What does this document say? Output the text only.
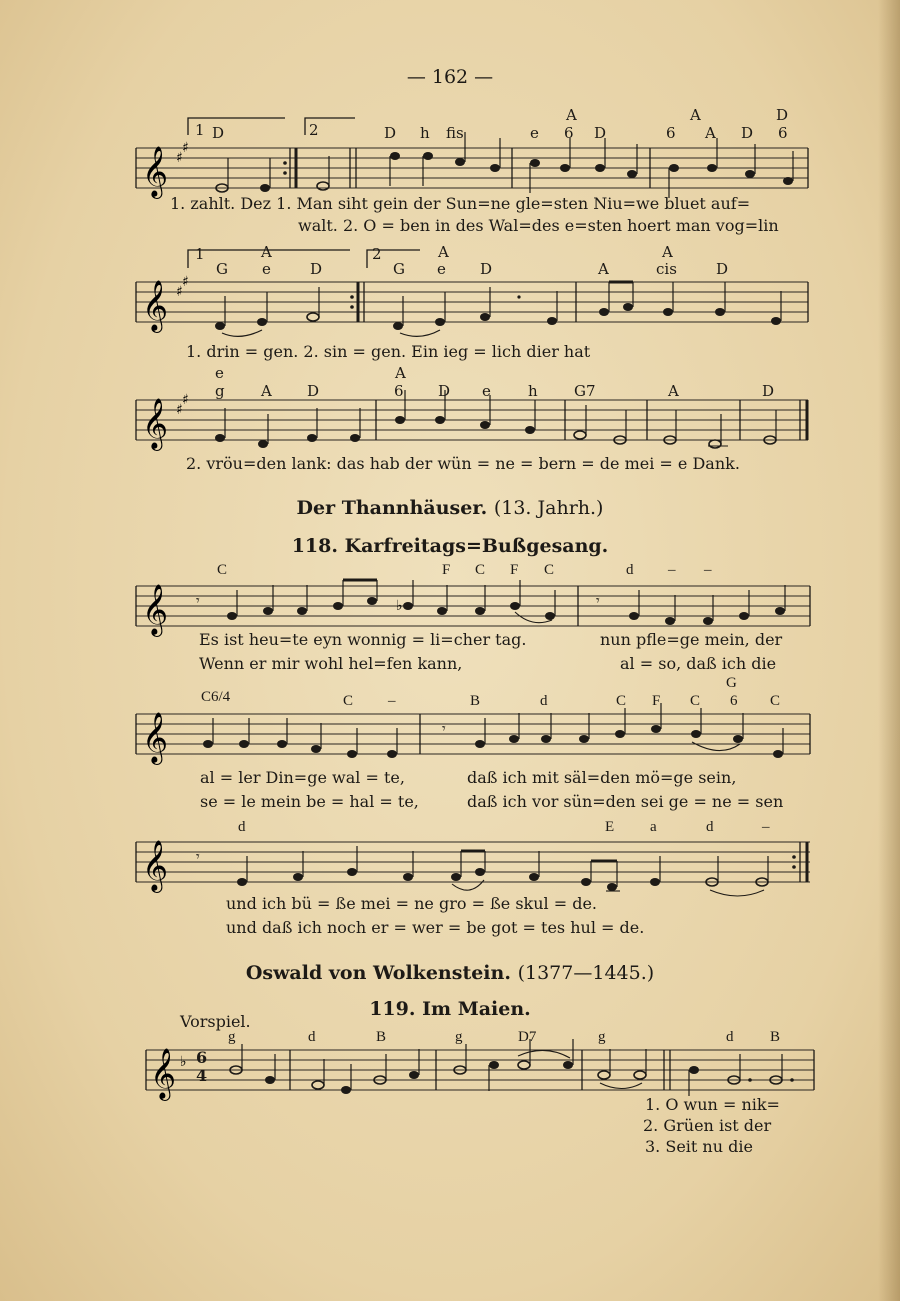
— 162 —
𝄞 ♯
♯
1	2
A	A	D
D	D h fis	e 6 D	6 A D 6
1. zahlt. Dez 1. Man siht gein der Sun=ne gle=sten Niu=we bluet auf=
walt. 2. O = ben in des Wal=des e=sten hoert man vog=lin
𝄞 ♯
♯
1	2
A	A	A
G e	D	G e D	A	cis	D
1. drin = gen. 2. sin = gen. Ein ieg = lich dier hat
𝄞 ♯
♯
e	A
g A D	6 D e h G7	A	D
2. vröu=den lank: das hab der wün = ne = bern = de mei = e Dank.
Der Thannhäuser. (13. Jahrh.)
118. Karfreitags=Bußgesang.
𝄞	♭
𝄾	𝄾
𝄞	𝄾
𝄞 𝄾
C	F C F C	d – –
Es ist heu=te eyn wonnig = li=cher tag.	nun pfle=ge mein, der
Wenn er mir wohl hel=fen kann,	al = so, daß ich die
C6/4	C –	B	d	C F C 6 C
G
al = ler Din=ge wal = te,	daß ich mit säl=den mö=ge sein,
se = le mein be = hal = te,	daß ich vor sün=den sei ge = ne = sen
d	E a	d	–
und ich bü = ße mei = ne gro = ße skul = de.
und daß ich noch er = wer = be got = tes hul = de.
Oswald von Wolkenstein. (1377—1445.)
119. Im Maien.
Vorspiel.
𝄞 ♭ 6
4
g	d	B	g	D7	g	d B
1. O wun = nik=
2. Grüen ist der
3. Seit nu die
